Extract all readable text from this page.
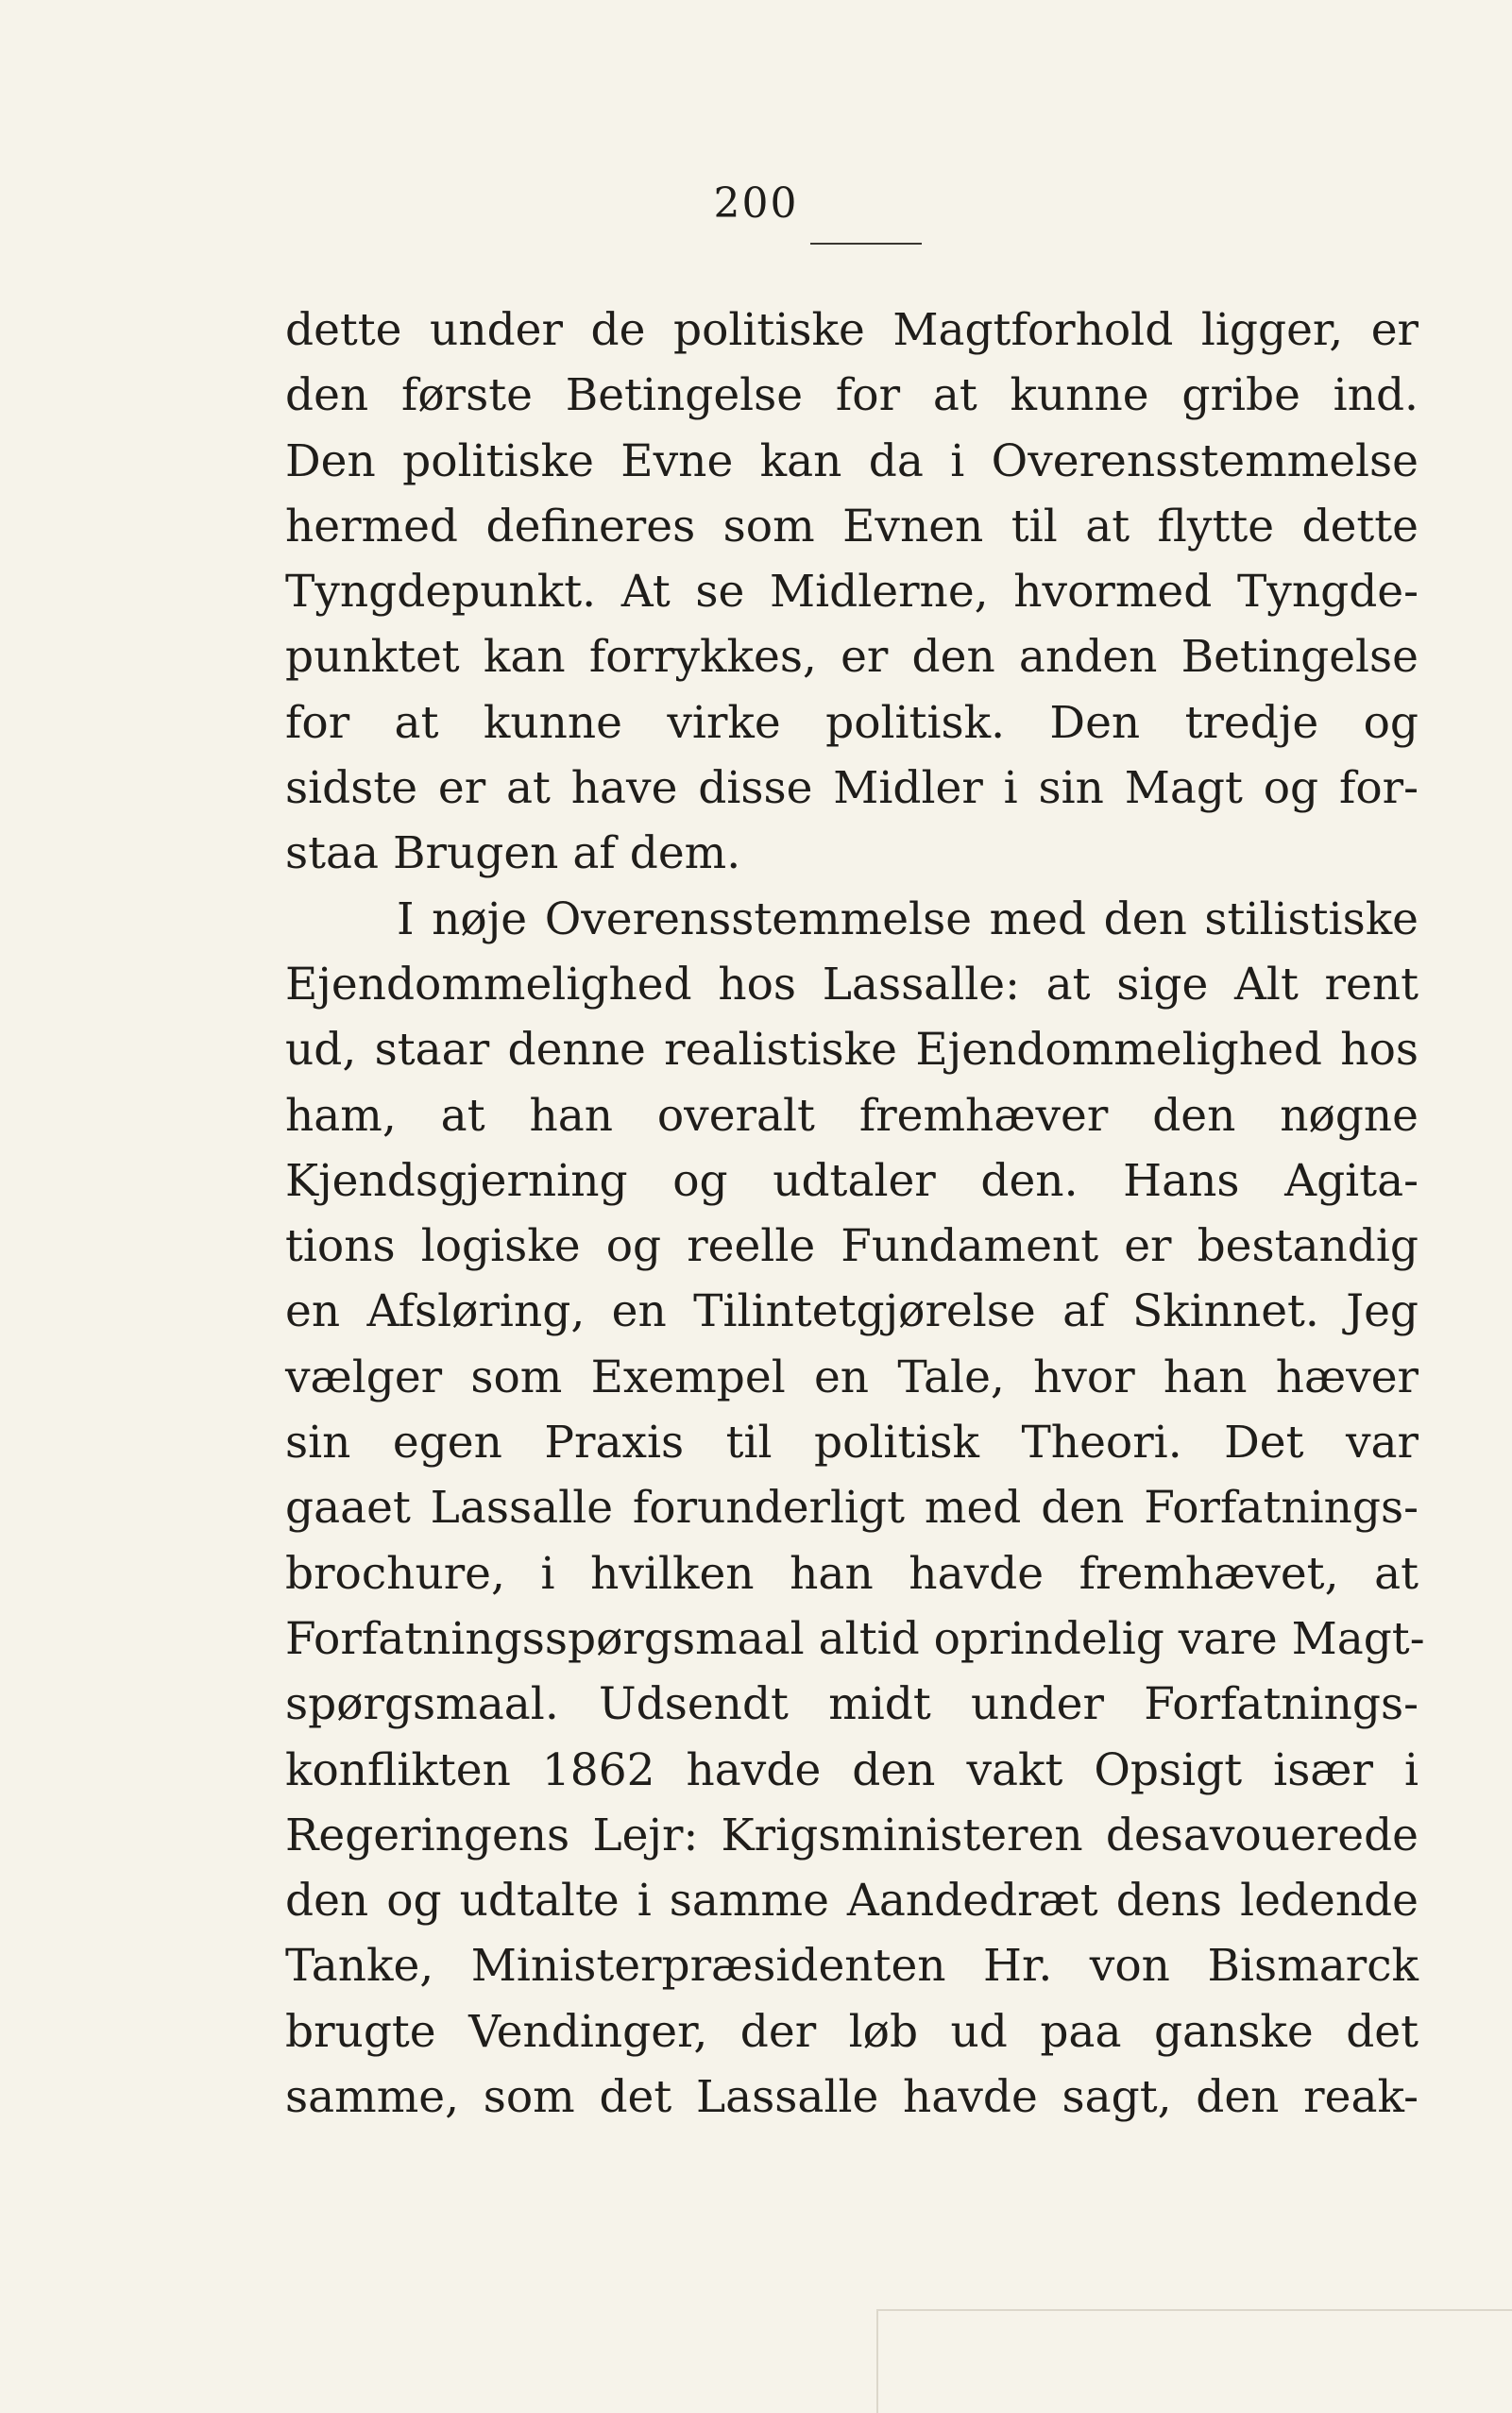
200
dette under de politiske Magtforhold ligger, er
den første Betingelse for at kunne gribe ind.
Den politiske Evne kan da i Overensstemmelse
hermed defineres som Evnen til at flytte dette
Tyngdepunkt. At se Midlerne, hvormed Tyngde-
punktet kan forrykkes, er den anden Betingelse
for at kunne virke politisk. Den tredje og
sidste er at have disse Midler i sin Magt og for-
staa Brugen af dem.
I nøje Overensstemmelse med den stilistiske
Ejendommelighed hos Lassalle: at sige Alt rent
ud, staar denne realistiske Ejendommelighed hos
ham, at han overalt fremhæver den nøgne
Kjendsgjerning og udtaler den. Hans Agita-
tions logiske og reelle Fundament er bestandig
en Afsløring, en Tilintetgjørelse af Skinnet. Jeg
vælger som Exempel en Tale, hvor han hæver
sin egen Praxis til politisk Theori. Det var
gaaet Lassalle forunderligt med den Forfatnings-
brochure, i hvilken han havde fremhævet, at
Forfatningsspørgsmaal altid oprindelig vare Magt-
spørgsmaal. Udsendt midt under Forfatnings-
konflikten 1862 havde den vakt Opsigt især i
Regeringens Lejr: Krigsministeren desavouerede
den og udtalte i samme Aandedræt dens ledende
Tanke, Ministerpræsidenten Hr. von Bismarck
brugte Vendinger, der løb ud paa ganske det
samme, som det Lassalle havde sagt, den reak-
